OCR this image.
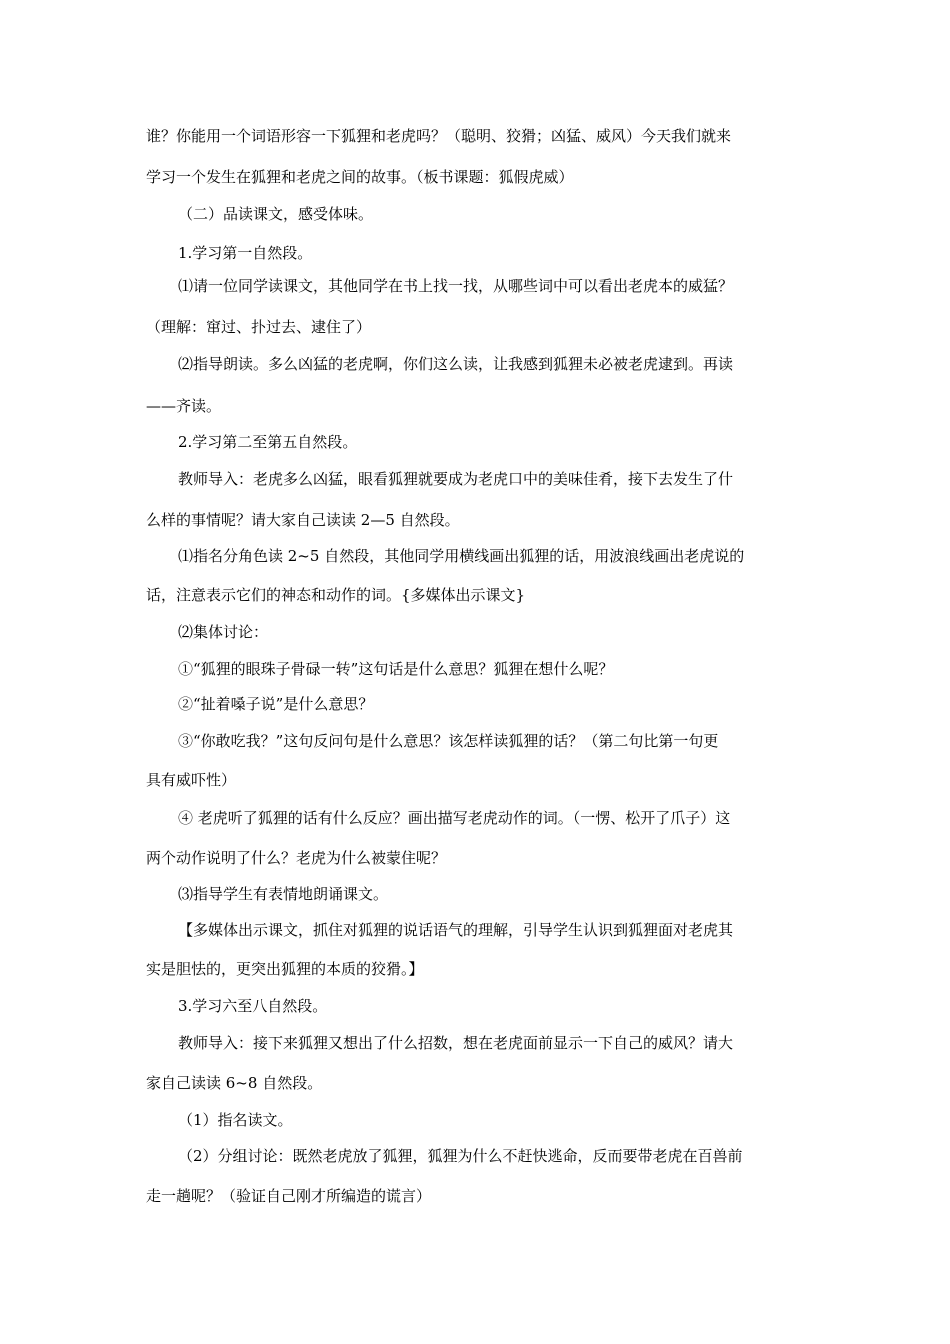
谁？你能用一个词语形容一下狐狸和老虎吗？（聪明、狡猾；凶猛、威风）今天我们就来
学习一个发生在狐狸和老虎之间的故事。（板书课题：狐假虎威）
（二）品读课文，感受体味。
1.学习第一自然段。
⑴请一位同学读课文，其他同学在书上找一找，从哪些词中可以看出老虎本的威猛？
（理解：窜过、扑过去、逮住了）
⑵指导朗读。多么凶猛的老虎啊，你们这么读，让我感到狐狸未必被老虎逮到。再读
——齐读。
2.学习第二至第五自然段。
教师导入：老虎多么凶猛，眼看狐狸就要成为老虎口中的美味佳肴，接下去发生了什
么样的事情呢？请大家自己读读 2—5 自然段。
⑴指名分角色读 2~5 自然段，其他同学用横线画出狐狸的话，用波浪线画出老虎说的
话，注意表示它们的神态和动作的词。{多媒体出示课文}
⑵集体讨论：
①“狐狸的眼珠子骨碌一转”这句话是什么意思？狐狸在想什么呢？
②“扯着嗓子说”是什么意思？
③“你敢吃我？”这句反问句是什么意思？该怎样读狐狸的话？（第二句比第一句更
具有威吓性）
④ 老虎听了狐狸的话有什么反应？画出描写老虎动作的词。（一愣、松开了爪子）这
两个动作说明了什么？老虎为什么被蒙住呢？
⑶指导学生有表情地朗诵课文。
【多媒体出示课文，抓住对狐狸的说话语气的理解，引导学生认识到狐狸面对老虎其
实是胆怯的，更突出狐狸的本质的狡猾。】
3.学习六至八自然段。
教师导入：接下来狐狸又想出了什么招数，想在老虎面前显示一下自己的威风？请大
家自己读读 6~8 自然段。
（1）指名读文。
（2）分组讨论：既然老虎放了狐狸，狐狸为什么不赶快逃命，反而要带老虎在百兽前
走一趟呢？（验证自己刚才所编造的谎言）
